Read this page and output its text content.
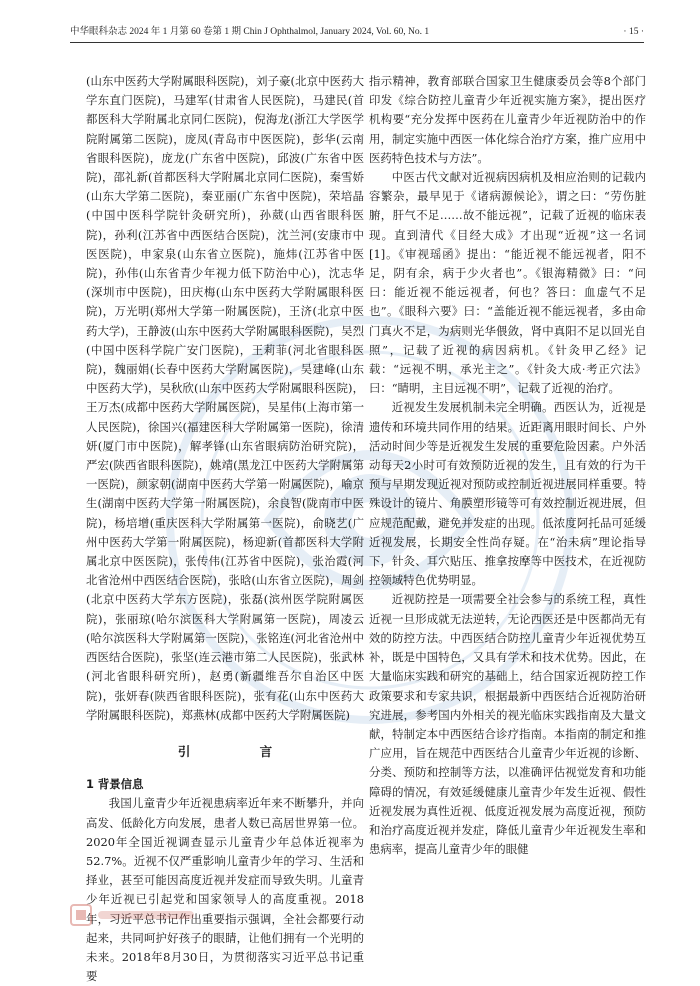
中华眼科杂志 2024 年 1 月第 60 卷第 1 期 Chin J Ophthalmol, January 2024, Vol. 60, No. 1	· 15 ·

(山东中医药大学附属眼科医院)，刘子豪(北京中医药大学东直门医院)，马建军(甘肃省人民医院)，马建民(首都医科大学附属北京同仁医院)，倪海龙(浙江大学医学院附属第二医院)，庞凤(青岛市中医医院)，彭华(云南省眼科医院)，庞龙(广东省中医院)，邱波(广东省中医院)，邵礼新(首都医科大学附属北京同仁医院)，秦雪娇(山东大学第二医院)，秦亚丽(广东省中医院)，荣培晶(中国中医科学院针灸研究所)，孙葳(山西省眼科医院)，孙利(江苏省中西医结合医院)，沈兰河(安康市中医医院)，申家泉(山东省立医院)，施炜(江苏省中医院)，孙伟(山东省青少年视力低下防治中心)，沈志华(深圳市中医院)，田庆梅(山东中医药大学附属眼科医院)，万光明(郑州大学第一附属医院)，王济(北京中医药大学)，王静波(山东中医药大学附属眼科医院)，吴烈(中国中医科学院广安门医院)，王莉菲(河北省眼科医院)，魏丽娟(长春中医药大学附属医院)，吴建峰(山东中医药大学)，吴秋欣(山东中医药大学附属眼科医院)，王万杰(成都中医药大学附属医院)，吴星伟(上海市第一人民医院)，徐国兴(福建医科大学附属第一医院)，徐清妍(厦门市中医院)，解孝锋(山东省眼病防治研究院)，严宏(陕西省眼科医院)，姚靖(黑龙江中医药大学附属第一医院)，颜家朝(湖南中医药大学第一附属医院)，喻京生(湖南中医药大学第一附属医院)，余良智(陇南市中医院)，杨培增(重庆医科大学附属第一医院)，俞晓艺(广州中医药大学第一附属医院)，杨迎新(首都医科大学附属北京中医医院)，张传伟(江苏省中医院)，张治霞(河北省沧州中西医结合医院)，张晗(山东省立医院)，周剑(北京中医药大学东方医院)，张磊(滨州医学院附属医院)，张丽琼(哈尔滨医科大学附属第一医院)，周凌云(哈尔滨医科大学附属第一医院)，张铭连(河北省沧州中西医结合医院)，张坚(连云港市第二人民医院)，张武林(河北省眼科研究所)，赵勇(新疆维吾尔自治区中医院)，张妍春(陕西省眼科医院)，张有花(山东中医药大学附属眼科医院)，郑燕林(成都中医药大学附属医院)

引 言

1 背景信息

我国儿童青少年近视患病率近年来不断攀升，并向高发、低龄化方向发展，患者人数已高居世界第一位。2020年全国近视调查显示儿童青少年总体近视率为52.7%。近视不仅严重影响儿童青少年的学习、生活和择业，甚至可能因高度近视并发症而导致失明。儿童青少年近视已引起党和国家领导人的高度重视。2018年，习近平总书记作出重要指示强调，全社会都要行动起来，共同呵护好孩子的眼睛，让他们拥有一个光明的未来。2018年8月30日，为贯彻落实习近平总书记重要

指示精神，教育部联合国家卫生健康委员会等8个部门印发《综合防控儿童青少年近视实施方案》，提出医疗机构要“充分发挥中医药在儿童青少年近视防治中的作用，制定实施中西医一体化综合治疗方案，推广应用中医药特色技术与方法”。

中医古代文献对近视病因病机及相应治则的记载内容繁杂，最早见于《诸病源候论》，谓之曰：“劳伤脏腑，肝气不足……故不能远视”，记载了近视的临床表现。直到清代《目经大成》才出现“近视”这一名词[1]。《审视瑶函》提出：“能近视不能远视者，阳不足，阴有余，病于少火者也”。《银海精微》曰：“问曰：能近视不能远视者，何也？答曰：血虚气不足也”。《眼科六要》曰：“盖能近视不能远视者，多由命门真火不足，为病则光华偎敛，肾中真阳不足以回光自照”，记载了近视的病因病机。《针灸甲乙经》记载：“远视不明，承光主之”。《针灸大成·考正穴法》曰：“睛明，主目远视不明”，记载了近视的治疗。

近视发生发展机制未完全明确。西医认为，近视是遗传和环境共同作用的结果。近距离用眼时间长、户外活动时间少等是近视发生发展的重要危险因素。户外活动每天2小时可有效预防近视的发生，且有效的行为干预与早期发现近视对预防或控制近视进展同样重要。特殊设计的镜片、角膜塑形镜等可有效控制近视进展，但应规范配戴，避免并发症的出现。低浓度阿托品可延缓近视发展，长期安全性尚存疑。在“治未病”理论指导下，针灸、耳穴贴压、推拿按摩等中医技术，在近视防控领域特色优势明显。

近视防控是一项需要全社会参与的系统工程，真性近视一旦形成就无法逆转，无论西医还是中医都尚无有效的防控方法。中西医结合防控儿童青少年近视优势互补，既是中国特色，又具有学术和技术优势。因此，在大量临床实践和研究的基础上，结合国家近视防控工作政策要求和专家共识，根据最新中西医结合近视防治研究进展，参考国内外相关的视光临床实践指南及大量文献，特制定本中西医结合诊疗指南。本指南的制定和推广应用，旨在规范中西医结合儿童青少年近视的诊断、分类、预防和控制等方法，以准确评估视觉发育和功能障碍的情况，有效延缓健康儿童青少年发生近视、假性近视发展为真性近视、低度近视发展为高度近视，预防和治疗高度近视并发症，降低儿童青少年近视发生率和患病率，提高儿童青少年的眼健
